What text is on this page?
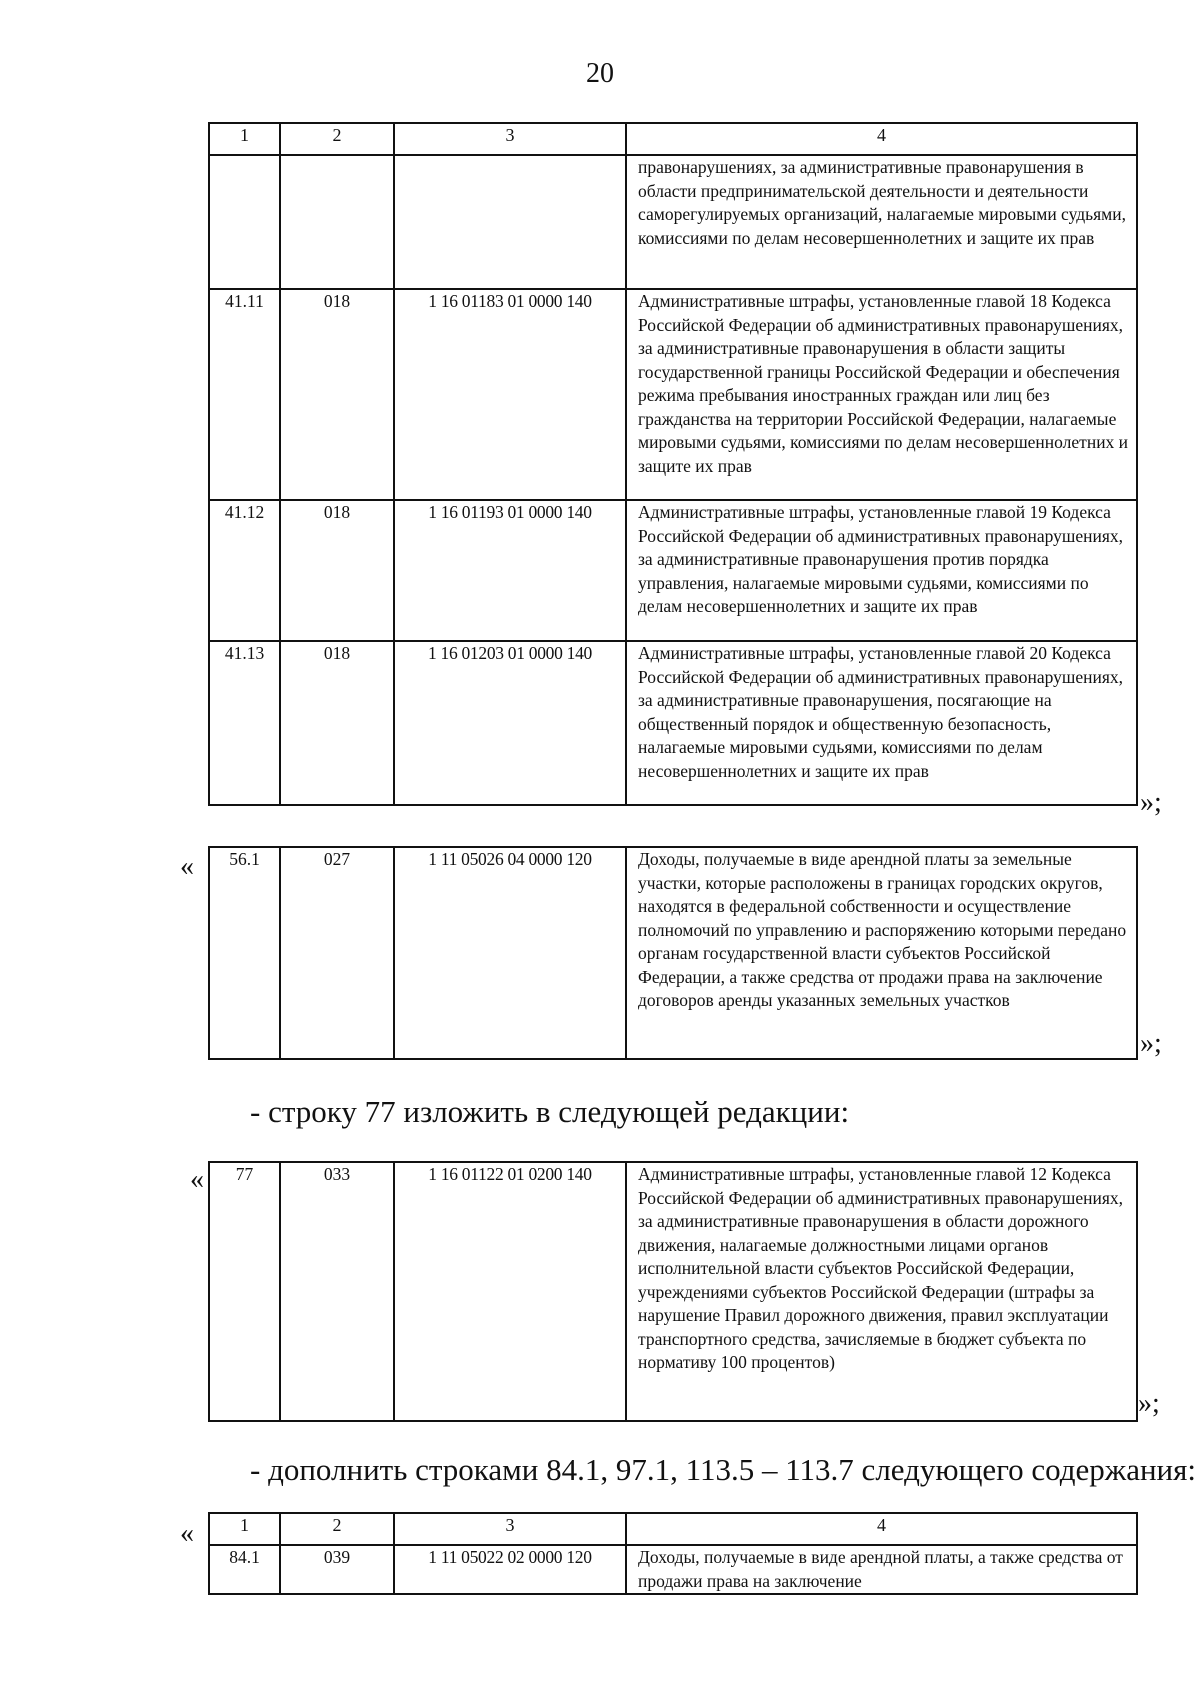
20
1	2	3	4
			правонарушениях, за административные правонарушения в области предпринимательской деятельности и деятельности саморегулируемых организаций, налагаемые мировыми судьями, комиссиями по делам несовершеннолетних и защите их прав
41.11	018	1 16 01183 01 0000 140	Административные штрафы, установленные главой 18 Кодекса Российской Федерации об административных правонарушениях, за административные правонарушения в области защиты государственной границы Российской Федерации и обеспечения режима пребывания иностранных граждан или лиц без гражданства на территории Российской Федерации, налагаемые мировыми судьями, комиссиями по делам несовершеннолетних и защите их прав
41.12	018	1 16 01193 01 0000 140	Административные штрафы, установленные главой 19 Кодекса Российской Федерации об административных правонарушениях, за административные правонарушения против порядка управления, налагаемые мировыми судьями, комиссиями по делам несовершеннолетних и защите их прав
41.13	018	1 16 01203 01 0000 140	Административные штрафы, установленные главой 20 Кодекса Российской Федерации об административных правонарушениях, за административные правонарушения, посягающие на общественный порядок и общественную безопасность, налагаемые мировыми судьями, комиссиями по делам несовершеннолетних и защите их прав
»;
« 56.1	027	1 11 05026 04 0000 120	Доходы, получаемые в виде арендной платы за земельные участки, которые расположены в границах городских округов, находятся в федеральной собственности и осуществление полномочий по управлению и распоряжению которыми передано органам государственной власти субъектов Российской Федерации, а также средства от продажи права на заключение договоров аренды указанных земельных участков
»;
- строку 77 изложить в следующей редакции:
« 77	033	1 16 01122 01 0200 140	Административные штрафы, установленные главой 12 Кодекса Российской Федерации об административных правонарушениях, за административные правонарушения в области дорожного движения, налагаемые должностными лицами органов исполнительной власти субъектов Российской Федерации, учреждениями субъектов Российской Федерации (штрафы за нарушение Правил дорожного движения, правил эксплуатации транспортного средства, зачисляемые в бюджет субъекта по нормативу 100 процентов)
»;
- дополнить строками 84.1, 97.1, 113.5 – 113.7 следующего содержания:
«	1	2	3	4
84.1	039	1 11 05022 02 0000 120	Доходы, получаемые в виде арендной платы, а также средства от продажи права на заключение
